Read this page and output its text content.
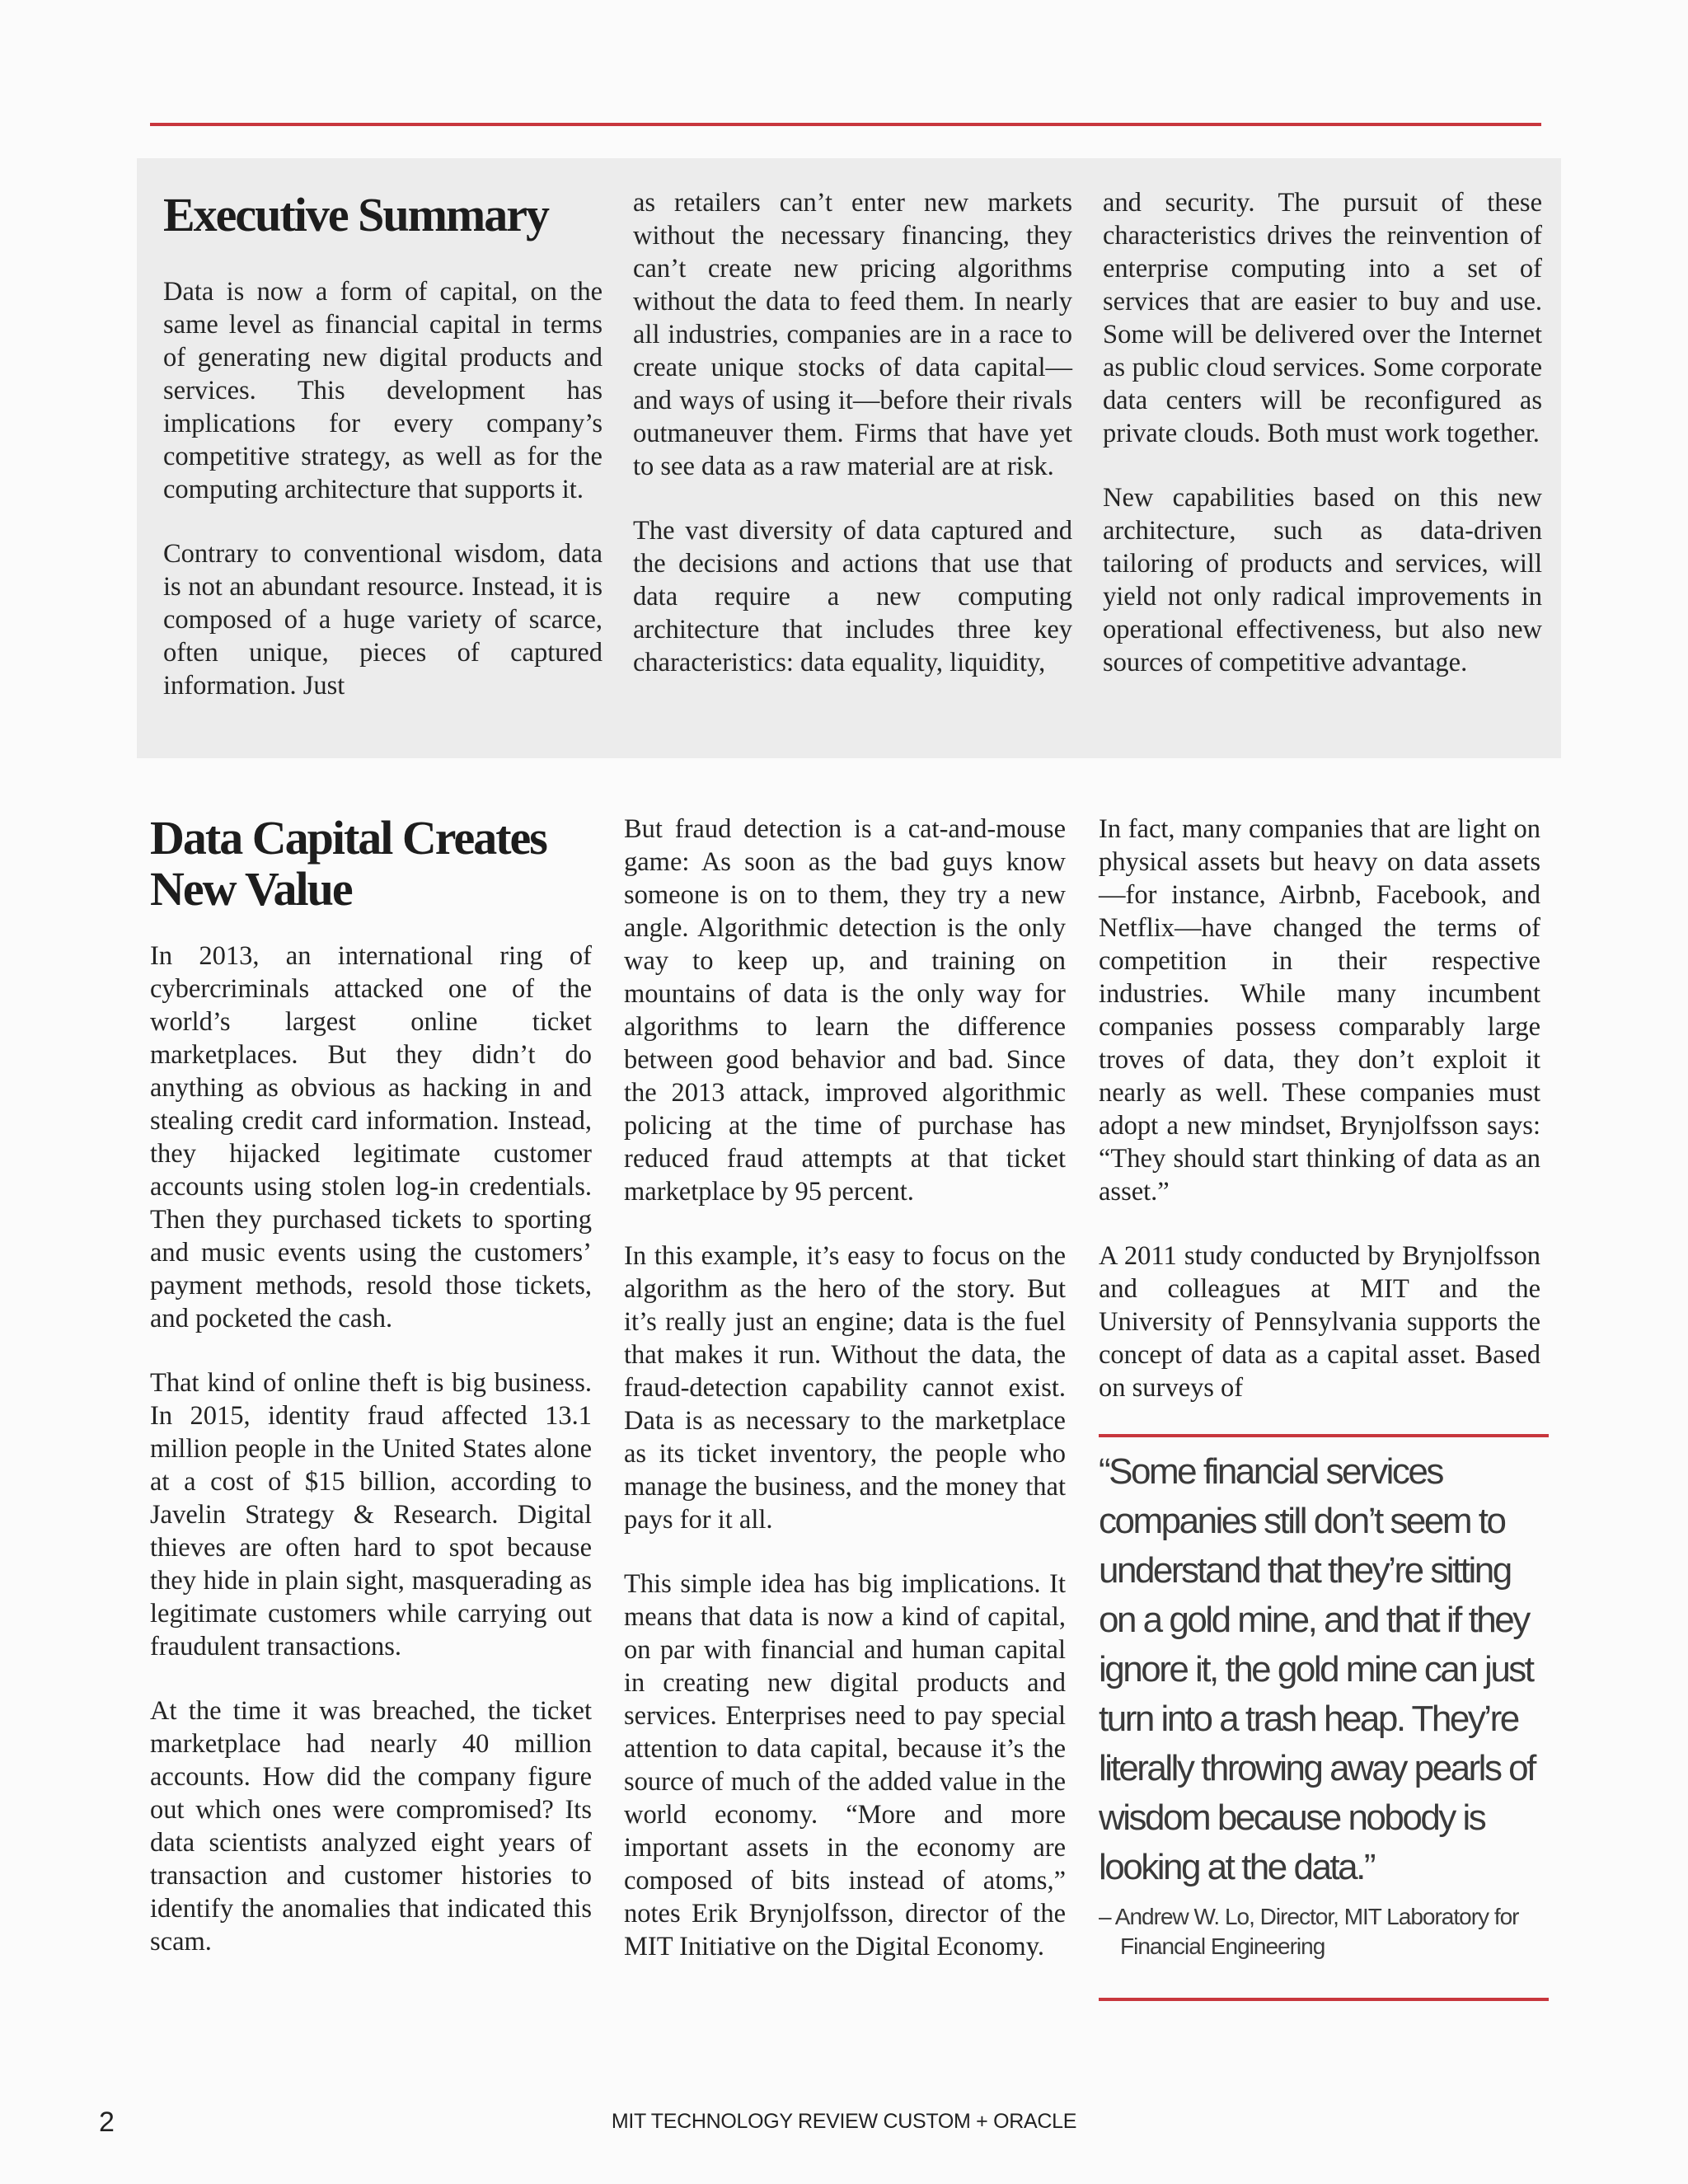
Executive Summary

Data is now a form of capital, on the same level as financial capital in terms of generating new digital products and services. This development has implications for every company’s competitive strategy, as well as for the computing architecture that supports it.

Contrary to conventional wisdom, data is not an abundant resource. Instead, it is composed of a huge variety of scarce, often unique, pieces of captured information. Just

as retailers can’t enter new markets without the necessary financing, they can’t create new pricing algorithms without the data to feed them. In nearly all industries, companies are in a race to create unique stocks of data capital—and ways of using it—before their rivals outmaneuver them. Firms that have yet to see data as a raw material are at risk.

The vast diversity of data captured and the decisions and actions that use that data require a new computing architecture that includes three key characteristics: data equality, liquidity,

and security. The pursuit of these characteristics drives the reinvention of enterprise computing into a set of services that are easier to buy and use. Some will be delivered over the Internet as public cloud services. Some corporate data centers will be reconfigured as private clouds. Both must work together.

New capabilities based on this new architecture, such as data-driven tailoring of products and services, will yield not only radical improvements in operational effectiveness, but also new sources of competitive advantage.

Data Capital Creates New Value

In 2013, an international ring of cybercriminals attacked one of the world’s largest online ticket marketplaces. But they didn’t do anything as obvious as hacking in and stealing credit card information. Instead, they hijacked legitimate customer accounts using stolen log-in credentials. Then they purchased tickets to sporting and music events using the customers’ payment methods, resold those tickets, and pocketed the cash.

That kind of online theft is big business. In 2015, identity fraud affected 13.1 million people in the United States alone at a cost of $15 billion, according to Javelin Strategy & Research. Digital thieves are often hard to spot because they hide in plain sight, masquerading as legitimate customers while carrying out fraudulent transactions.

At the time it was breached, the ticket marketplace had nearly 40 million accounts. How did the company figure out which ones were compromised? Its data scientists analyzed eight years of transaction and customer histories to identify the anomalies that indicated this scam.

But fraud detection is a cat-and-mouse game: As soon as the bad guys know someone is on to them, they try a new angle. Algorithmic detection is the only way to keep up, and training on mountains of data is the only way for algorithms to learn the difference between good behavior and bad. Since the 2013 attack, improved algorithmic policing at the time of purchase has reduced fraud attempts at that ticket marketplace by 95 percent.

In this example, it’s easy to focus on the algorithm as the hero of the story. But it’s really just an engine; data is the fuel that makes it run. Without the data, the fraud-detection capability cannot exist. Data is as necessary to the marketplace as its ticket inventory, the people who manage the business, and the money that pays for it all.

This simple idea has big implications. It means that data is now a kind of capital, on par with financial and human capital in creating new digital products and services. Enterprises need to pay special attention to data capital, because it’s the source of much of the added value in the world economy. “More and more important assets in the economy are composed of bits instead of atoms,” notes Erik Brynjolfsson, director of the MIT Initiative on the Digital Economy.

In fact, many companies that are light on physical assets but heavy on data assets—for instance, Airbnb, Facebook, and Netflix—have changed the terms of competition in their respective industries. While many incumbent companies possess comparably large troves of data, they don’t exploit it nearly as well. These companies must adopt a new mindset, Brynjolfsson says: “They should start thinking of data as an asset.”

A 2011 study conducted by Brynjolfsson and colleagues at MIT and the University of Pennsylvania supports the concept of data as a capital asset. Based on surveys of

“Some financial services companies still don’t seem to understand that they’re sitting on a gold mine, and that if they ignore it, the gold mine can just turn into a trash heap. They’re literally throwing away pearls of wisdom because nobody is looking at the data.”

– Andrew W. Lo, Director, MIT Laboratory for Financial Engineering
2	MIT TECHNOLOGY REVIEW CUSTOM + ORACLE
